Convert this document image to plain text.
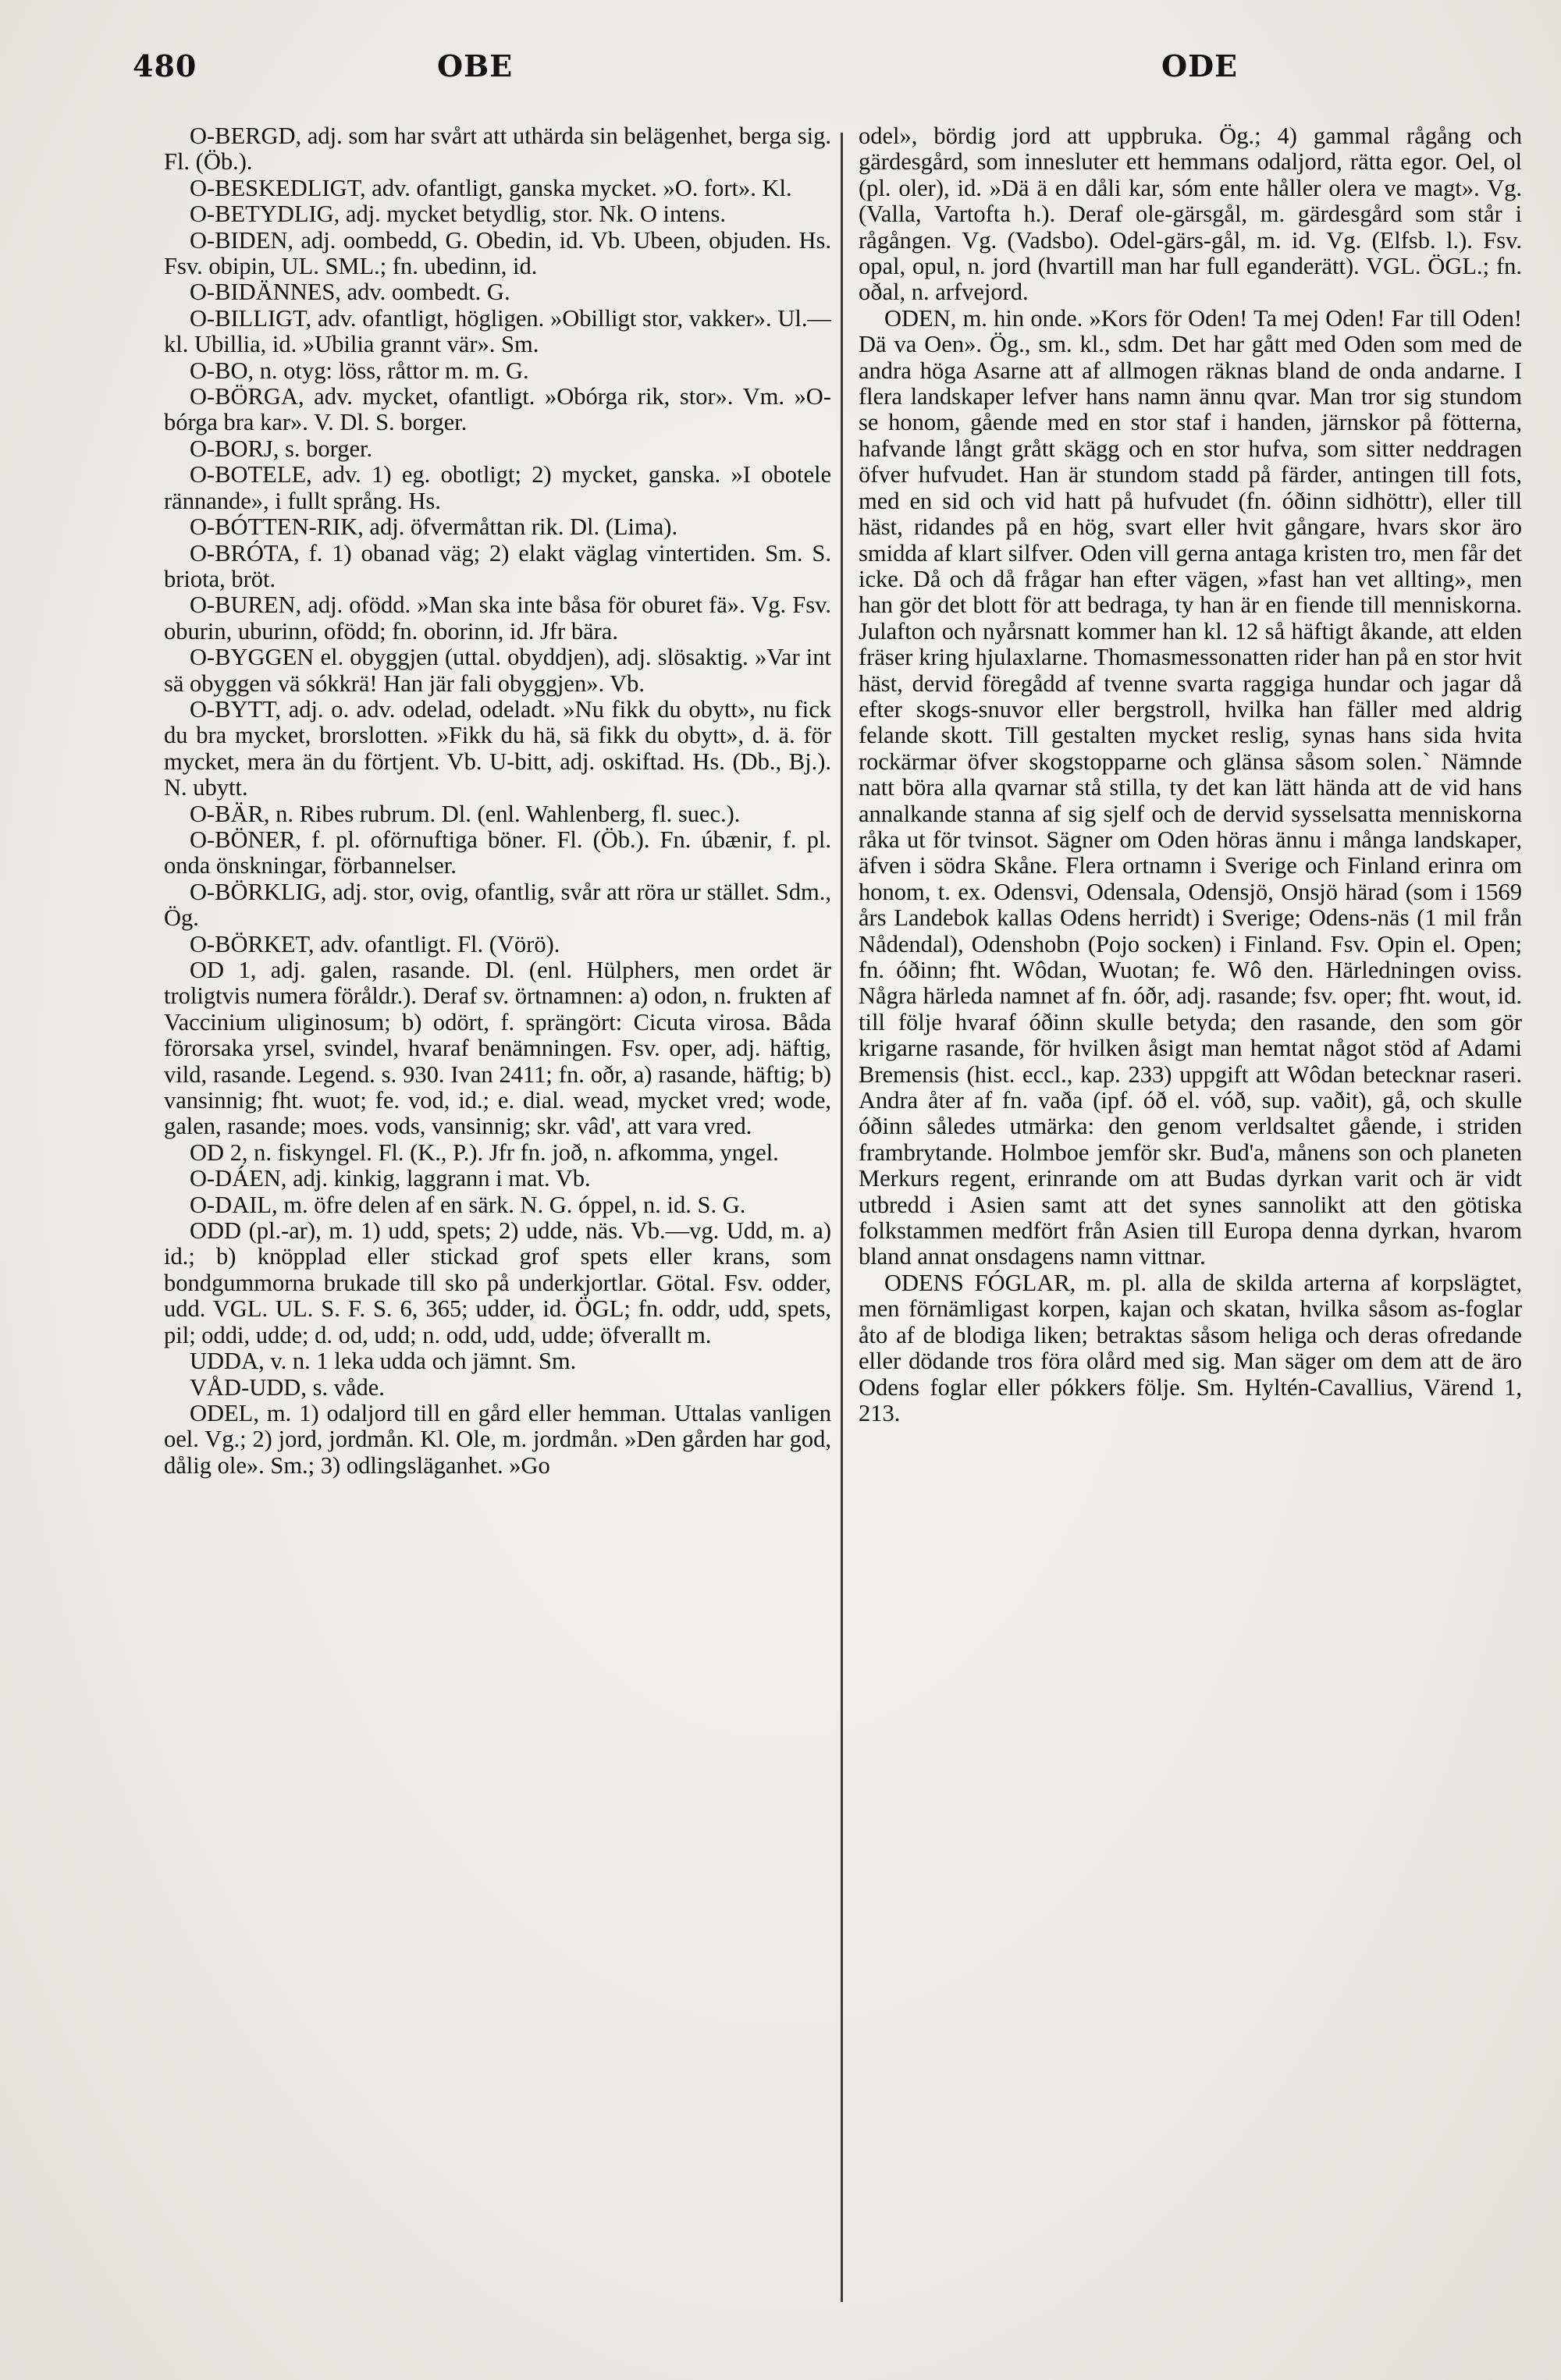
480	OBE	ODE

O-BERGD, adj. som har svårt att uthärda sin belägenhet, berga sig. Fl. (Öb.).

O-BESKEDLIGT, adv. ofantligt, ganska mycket. »O. fort». Kl.

O-BETYDLIG, adj. mycket betydlig, stor. Nk. O intens.

O-BIDEN, adj. oombedd, G. Obedin, id. Vb. Ubeen, objuden. Hs. Fsv. obipin, UL. SML.; fn. ubedinn, id.

O-BIDÄNNES, adv. oombedt. G.

O-BILLIGT, adv. ofantligt, högligen. »Obilligt stor, vakker». Ul.—kl. Ubillia, id. »Ubilia grannt vär». Sm.

O-BO, n. otyg: löss, råttor m. m. G.

O-BÖRGA, adv. mycket, ofantligt. »Obórga rik, stor». Vm. »O-bórga bra kar». V. Dl. S. borger.

O-BORJ, s. borger.

O-BOTELE, adv. 1) eg. obotligt; 2) mycket, ganska. »I obotele rännande», i fullt språng. Hs.

O-BÓTTEN-RIK, adj. öfvermåttan rik. Dl. (Lima).

O-BRÓTA, f. 1) obanad väg; 2) elakt väglag vintertiden. Sm. S. briota, bröt.

O-BUREN, adj. ofödd. »Man ska inte båsa för oburet fä». Vg. Fsv. oburin, uburinn, ofödd; fn. oborinn, id. Jfr bära.

O-BYGGEN el. obyggjen (uttal. obyddjen), adj. slösaktig. »Var int sä obyggen vä sókkrä! Han jär fali obyggjen». Vb.

O-BYTT, adj. o. adv. odelad, odeladt. »Nu fikk du obytt», nu fick du bra mycket, brorslotten. »Fikk du hä, sä fikk du obytt», d. ä. för mycket, mera än du förtjent. Vb. U-bitt, adj. oskiftad. Hs. (Db., Bj.). N. ubytt.

O-BÄR, n. Ribes rubrum. Dl. (enl. Wahlenberg, fl. suec.).

O-BÖNER, f. pl. oförnuftiga böner. Fl. (Öb.). Fn. úbænir, f. pl. onda önskningar, förbannelser.

O-BÖRKLIG, adj. stor, ovig, ofantlig, svår att röra ur stället. Sdm., Ög.

O-BÖRKET, adv. ofantligt. Fl. (Vörö).

OD 1, adj. galen, rasande. Dl. (enl. Hülphers, men ordet är troligtvis numera föråldr.). Deraf sv. örtnamnen: a) odon, n. frukten af Vaccinium uliginosum; b) odört, f. sprängört: Cicuta virosa. Båda förorsaka yrsel, svindel, hvaraf benämningen. Fsv. oper, adj. häftig, vild, rasande. Legend. s. 930. Ivan 2411; fn. oðr, a) rasande, häftig; b) vansinnig; fht. wuot; fe. vod, id.; e. dial. wead, mycket vred; wode, galen, rasande; moes. vods, vansinnig; skr. vâd', att vara vred.

OD 2, n. fiskyngel. Fl. (K., P.). Jfr fn. joð, n. afkomma, yngel.

O-DÁEN, adj. kinkig, laggrann i mat. Vb.

O-DAIL, m. öfre delen af en särk. N. G. óppel, n. id. S. G.

ODD (pl.-ar), m. 1) udd, spets; 2) udde, näs. Vb.—vg. Udd, m. a) id.; b) knöpplad eller stickad grof spets eller krans, som bondgummorna brukade till sko på underkjortlar. Götal. Fsv. odder, udd. VGL. UL. S. F. S. 6, 365; udder, id. ÖGL; fn. oddr, udd, spets, pil; oddi, udde; d. od, udd; n. odd, udd, udde; öfverallt m.

UDDA, v. n. 1 leka udda och jämnt. Sm.

VÅD-UDD, s. våde.

ODEL, m. 1) odaljord till en gård eller hemman. Uttalas vanligen oel. Vg.; 2) jord, jordmån. Kl. Ole, m. jordmån. »Den gården har god, dålig ole». Sm.; 3) odlingsläganhet. »Go

odel», bördig jord att uppbruka. Ög.; 4) gammal rågång och gärdesgård, som innesluter ett hemmans odaljord, rätta egor. Oel, ol (pl. oler), id. »Dä ä en dåli kar, sóm ente håller olera ve magt». Vg. (Valla, Vartofta h.). Deraf ole-gärsgål, m. gärdesgård som står i rågången. Vg. (Vadsbo). Odel-gärs-gål, m. id. Vg. (Elfsb. l.). Fsv. opal, opul, n. jord (hvartill man har full eganderätt). VGL. ÖGL.; fn. oðal, n. arfvejord.

ODEN, m. hin onde. »Kors för Oden! Ta mej Oden! Far till Oden! Dä va Oen». Ög., sm. kl., sdm. Det har gått med Oden som med de andra höga Asarne att af allmogen räknas bland de onda andarne. I flera landskaper lefver hans namn ännu qvar. Man tror sig stundom se honom, gående med en stor staf i handen, järnskor på fötterna, hafvande långt grått skägg och en stor hufva, som sitter neddragen öfver hufvudet. Han är stundom stadd på färder, antingen till fots, med en sid och vid hatt på hufvudet (fn. óðinn sidhöttr), eller till häst, ridandes på en hög, svart eller hvit gångare, hvars skor äro smidda af klart silfver. Oden vill gerna antaga kristen tro, men får det icke. Då och då frågar han efter vägen, »fast han vet allting», men han gör det blott för att bedraga, ty han är en fiende till menniskorna. Julafton och nyårsnatt kommer han kl. 12 så häftigt åkande, att elden fräser kring hjulaxlarne. Thomasmessonatten rider han på en stor hvit häst, dervid föregådd af tvenne svarta raggiga hundar och jagar då efter skogs-snuvor eller bergstroll, hvilka han fäller med aldrig felande skott. Till gestalten mycket reslig, synas hans sida hvita rockärmar öfver skogstopparne och glänsa såsom solen.` Nämnde natt böra alla qvarnar stå stilla, ty det kan lätt hända att de vid hans annalkande stanna af sig sjelf och de dervid sysselsatta menniskorna råka ut för tvinsot. Sägner om Oden höras ännu i många landskaper, äfven i södra Skåne. Flera ortnamn i Sverige och Finland erinra om honom, t. ex. Odensvi, Odensala, Odensjö, Onsjö härad (som i 1569 års Landebok kallas Odens herridt) i Sverige; Odens-näs (1 mil från Nådendal), Odenshobn (Pojo socken) i Finland. Fsv. Opin el. Open; fn. óðinn; fht. Wôdan, Wuotan; fe. Wô den. Härledningen oviss. Några härleda namnet af fn. óðr, adj. rasande; fsv. oper; fht. wout, id. till följe hvaraf óðinn skulle betyda; den rasande, den som gör krigarne rasande, för hvilken åsigt man hemtat något stöd af Adami Bremensis (hist. eccl., kap. 233) uppgift att Wôdan betecknar raseri. Andra åter af fn. vaða (ipf. óð el. vóð, sup. vaðit), gå, och skulle óðinn således utmärka: den genom verldsaltet gående, i striden frambrytande. Holmboe jemför skr. Bud'a, månens son och planeten Merkurs regent, erinrande om att Budas dyrkan varit och är vidt utbredd i Asien samt att det synes sannolikt att den götiska folkstammen medfört från Asien till Europa denna dyrkan, hvarom bland annat onsdagens namn vittnar.

ODENS FÓGLAR, m. pl. alla de skilda arterna af korpslägtet, men förnämligast korpen, kajan och skatan, hvilka såsom as-foglar åto af de blodiga liken; betraktas såsom heliga och deras ofredande eller dödande tros föra olård med sig. Man säger om dem att de äro Odens foglar eller pókkers följe. Sm. Hyltén-Cavallius, Värend 1, 213.
